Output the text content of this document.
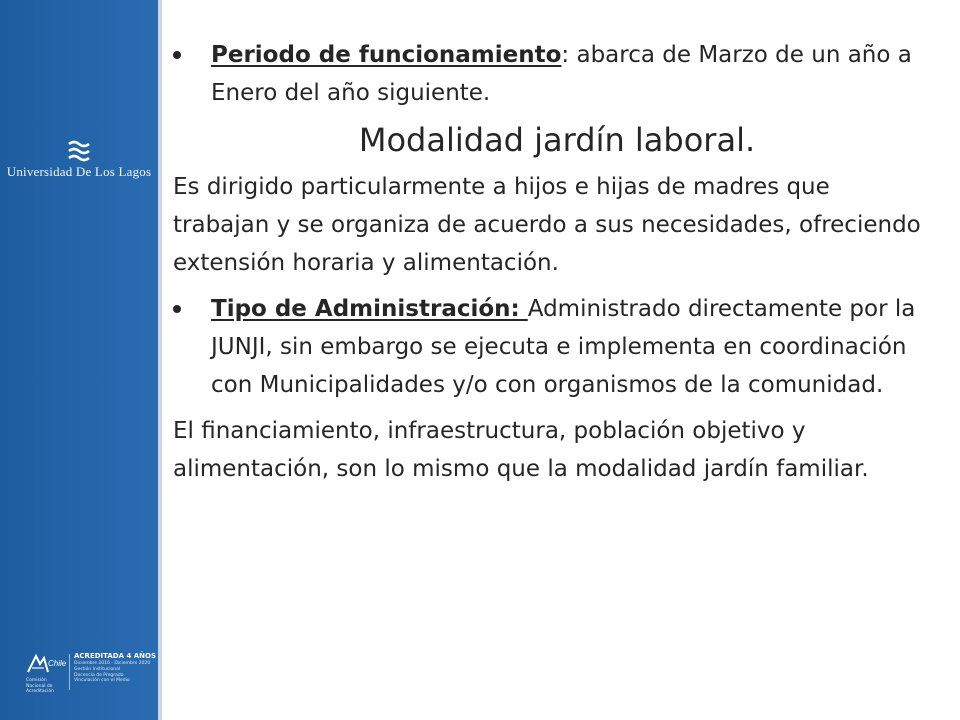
Universidad De Los Lagos
Chile
Comisión Nacional de Acreditación
ACREDITADA 4 AÑOS
Diciembre 2016 - Diciembre 2020
Gestión Institucional
Docencia de Pregrado
Vinculación con el Medio

Periodo de funcionamiento: abarca de Marzo de un año a Enero del año siguiente.

Modalidad jardín laboral.

Es dirigido particularmente a hijos e hijas de madres que trabajan y se organiza de acuerdo a sus necesidades, ofreciendo extensión horaria y alimentación.

Tipo de Administración: Administrado directamente por la JUNJI, sin embargo se ejecuta e implementa en coordinación con Municipalidades y/o con organismos de la comunidad.

El financiamiento, infraestructura, población objetivo y alimentación, son lo mismo que la modalidad jardín familiar.
